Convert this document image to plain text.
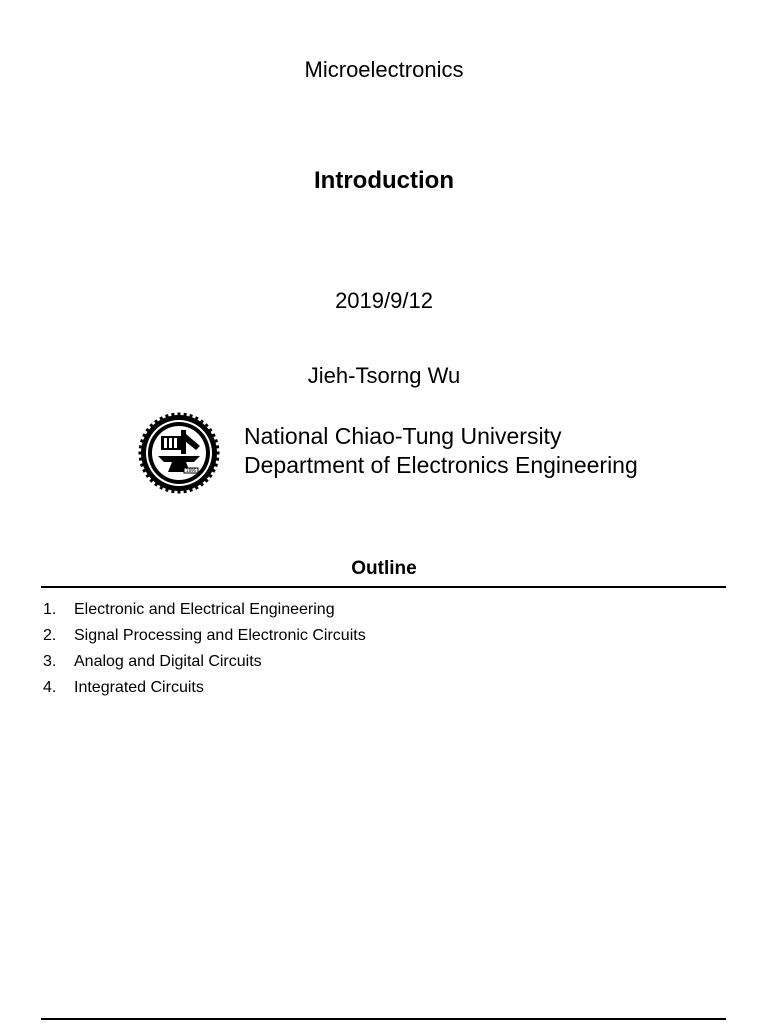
Microelectronics
Introduction
2019/9/12
Jieh-Tsorng Wu
1896
National Chiao-Tung University
Department of Electronics Engineering
Outline
1. Electronic and Electrical Engineering
2. Signal Processing and Electronic Circuits
3. Analog and Digital Circuits
4. Integrated Circuits
